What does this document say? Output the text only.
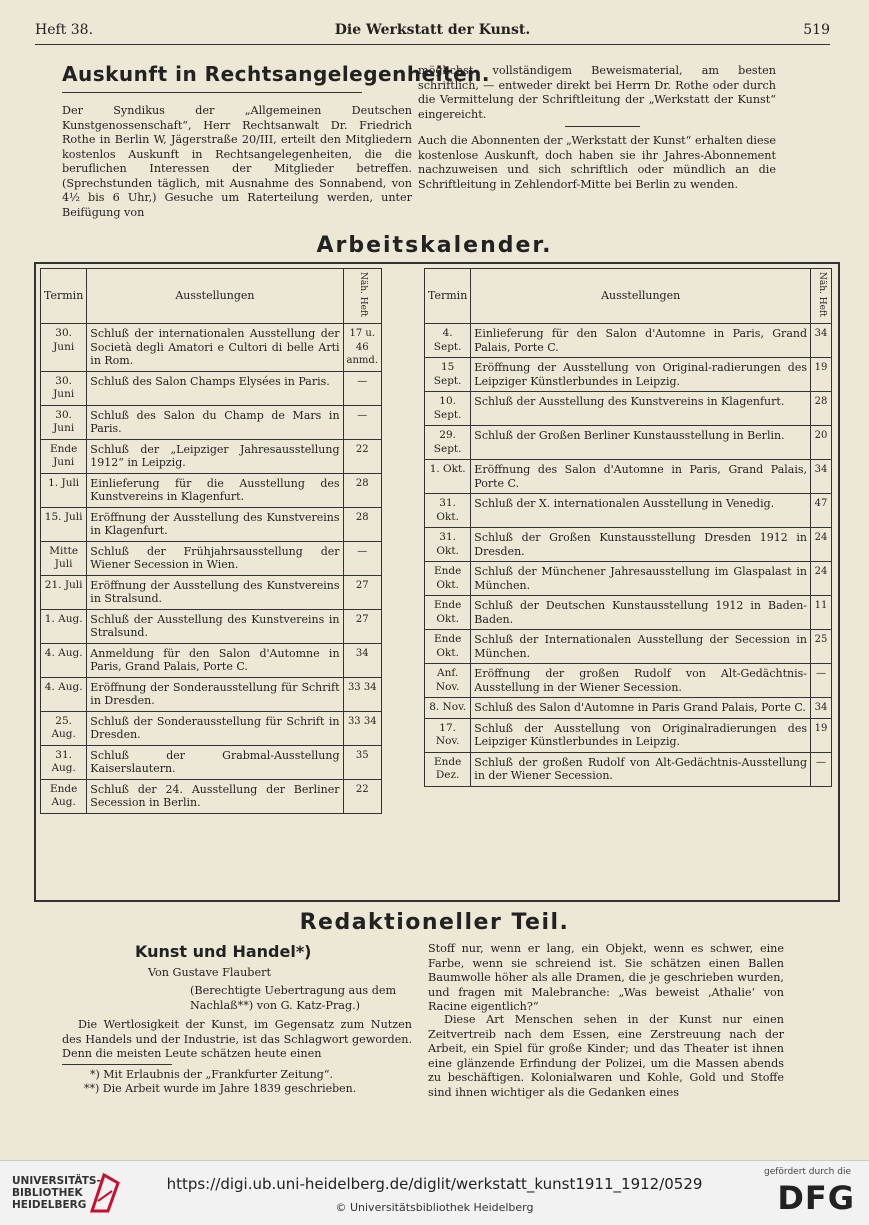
Heft 38.	Die Werkstatt der Kunst.	519
Auskunft in Rechtsangelegenheiten.
Der Syndikus der „Allgemeinen Deutschen Kunstgenossenschaft“, Herr Rechtsanwalt Dr. Friedrich Rothe in Berlin W, Jägerstraße 20/III, erteilt den Mitgliedern kostenlos Auskunft in Rechtsangelegenheiten, die die beruflichen Interessen der Mitglieder betreffen. (Sprechstunden täglich, mit Ausnahme des Sonnabend, von 4½ bis 6 Uhr,) Gesuche um Raterteilung werden, unter Beifügung von
möglichst vollständigem Beweismaterial, am besten schriftlich, — entweder direkt bei Herrn Dr. Rothe oder durch die Vermittelung der Schriftleitung der „Werkstatt der Kunst“ eingereicht.
Auch die Abonnenten der „Werkstatt der Kunst“ erhalten diese kostenlose Auskunft, doch haben sie ihr Jahres-Abonnement nachzuweisen und sich schriftlich oder mündlich an die Schriftleitung in Zehlendorf-Mitte bei Berlin zu wenden.
Arbeitskalender.
Termin	Ausstellungen	Näh. Heft
30. Juni	Schluß der internationalen Ausstellung der Società degli Amatori e Cultori di belle Arti in Rom.	17 u. 46 anmd.
30. Juni	Schluß des Salon Champs Elysées in Paris.	—
30. Juni	Schluß des Salon du Champ de Mars in Paris.	—
Ende Juni	Schluß der „Leipziger Jahresausstellung 1912“ in Leipzig.	22
1. Juli	Einlieferung für die Ausstellung des Kunstvereins in Klagenfurt.	28
15. Juli	Eröffnung der Ausstellung des Kunstvereins in Klagenfurt.	28
Mitte Juli	Schluß der Frühjahrsausstellung der Wiener Secession in Wien.	—
21. Juli	Eröffnung der Ausstellung des Kunstvereins in Stralsund.	27
1. Aug.	Schluß der Ausstellung des Kunstvereins in Stralsund.	27
4. Aug.	Anmeldung für den Salon d'Automne in Paris, Grand Palais, Porte C.	34
4. Aug.	Eröffnung der Sonderausstellung für Schrift in Dresden.	33 34
25. Aug.	Schluß der Sonderausstellung für Schrift in Dresden.	33 34
31. Aug.	Schluß der Grabmal-Ausstellung Kaiserslautern.	35
Ende Aug.	Schluß der 24. Ausstellung der Berliner Secession in Berlin.	22
Termin	Ausstellungen	Näh. Heft
4. Sept.	Einlieferung für den Salon d'Automne in Paris, Grand Palais, Porte C.	34
15 Sept.	Eröffnung der Ausstellung von Original-radierungen des Leipziger Künstlerbundes in Leipzig.	19
10. Sept.	Schluß der Ausstellung des Kunstvereins in Klagenfurt.	28
29. Sept.	Schluß der Großen Berliner Kunstausstellung in Berlin.	20
1. Okt.	Eröffnung des Salon d'Automne in Paris, Grand Palais, Porte C.	34
31. Okt.	Schluß der X. internationalen Ausstellung in Venedig.	47
31. Okt.	Schluß der Großen Kunstausstellung Dresden 1912 in Dresden.	24
Ende Okt.	Schluß der Münchener Jahresausstellung im Glaspalast in München.	24
Ende Okt.	Schluß der Deutschen Kunstausstellung 1912 in Baden-Baden.	11
Ende Okt.	Schluß der Internationalen Ausstellung der Secession in München.	25
Anf. Nov.	Eröffnung der großen Rudolf von Alt-Gedächtnis-Ausstellung in der Wiener Secession.	—
8. Nov.	Schluß des Salon d'Automne in Paris Grand Palais, Porte C.	34
17. Nov.	Schluß der Ausstellung von Originalradierungen des Leipziger Künstlerbundes in Leipzig.	19
Ende Dez.	Schluß der großen Rudolf von Alt-Gedächtnis-Ausstellung in der Wiener Secession.	—
Redaktioneller Teil.
Kunst und Handel*)
Von Gustave Flaubert
(Berechtigte Uebertragung aus dem Nachlaß**) von G. Katz-Prag.)
Die Wertlosigkeit der Kunst, im Gegensatz zum Nutzen des Handels und der Industrie, ist das Schlagwort geworden. Denn die meisten Leute schätzen heute einen
*) Mit Erlaubnis der „Frankfurter Zeitung“.
**) Die Arbeit wurde im Jahre 1839 geschrieben.
Stoff nur, wenn er lang, ein Objekt, wenn es schwer, eine Farbe, wenn sie schreiend ist. Sie schätzen einen Ballen Baumwolle höher als alle Dramen, die je geschrieben wurden, und fragen mit Malebranche: „Was beweist ‚Athalie‘ von Racine eigentlich?“
Diese Art Menschen sehen in der Kunst nur einen Zeitvertreib nach dem Essen, eine Zerstreuung nach der Arbeit, ein Spiel für große Kinder; und das Theater ist ihnen eine glänzende Erfindung der Polizei, um die Massen abends zu beschäftigen. Kolonialwaren und Kohle, Gold und Stoffe sind ihnen wichtiger als die Gedanken eines
UNIVERSITÄTS-
BIBLIOTHEK
HEIDELBERG
https://digi.ub.uni-heidelberg.de/diglit/werkstatt_kunst1911_1912/0529
© Universitätsbibliothek Heidelberg
gefördert durch die
DFG
